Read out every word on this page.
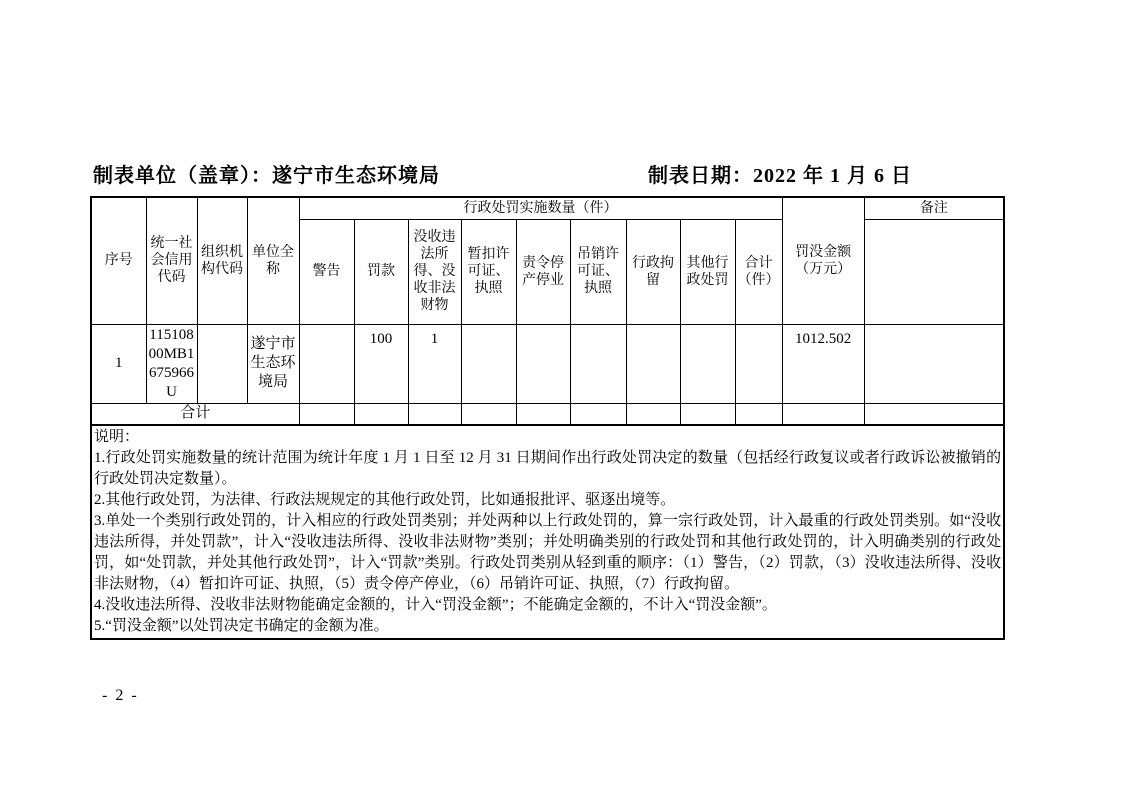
制表单位（盖章）：遂宁市生态环境局	制表日期：2022 年 1 月 6 日
序号	统一社会信用代码	组织机构代码	单位全称	行政处罚实施数量（件）									罚没金额（万元）	备注
				警告	罚款	没收违法所得、没收非法财物	暂扣许可证、执照	责令停产停业	吊销许可证、执照	行政拘留	其他行政处罚	合计（件）		
1	11510800MB1675966U		遂宁市生态环境局		100	1							1012.502	
合计														

说明：
1.行政处罚实施数量的统计范围为统计年度 1 月 1 日至 12 月 31 日期间作出行政处罚决定的数量（包括经行政复议或者行政诉讼被撤销的行政处罚决定数量）。
2.其他行政处罚，为法律、行政法规规定的其他行政处罚，比如通报批评、驱逐出境等。
3.单处一个类别行政处罚的，计入相应的行政处罚类别；并处两种以上行政处罚的，算一宗行政处罚，计入最重的行政处罚类别。如“没收违法所得，并处罚款”，计入“没收违法所得、没收非法财物”类别；并处明确类别的行政处罚和其他行政处罚的，计入明确类别的行政处罚，如“处罚款，并处其他行政处罚”，计入“罚款”类别。行政处罚类别从轻到重的顺序：（1）警告，（2）罚款，（3）没收违法所得、没收非法财物，（4）暂扣许可证、执照，（5）责令停产停业，（6）吊销许可证、执照，（7）行政拘留。
4.没收违法所得、没收非法财物能确定金额的，计入“罚没金额”；不能确定金额的，不计入“罚没金额”。
5.“罚没金额”以处罚决定书确定的金额为准。
- 2 -
